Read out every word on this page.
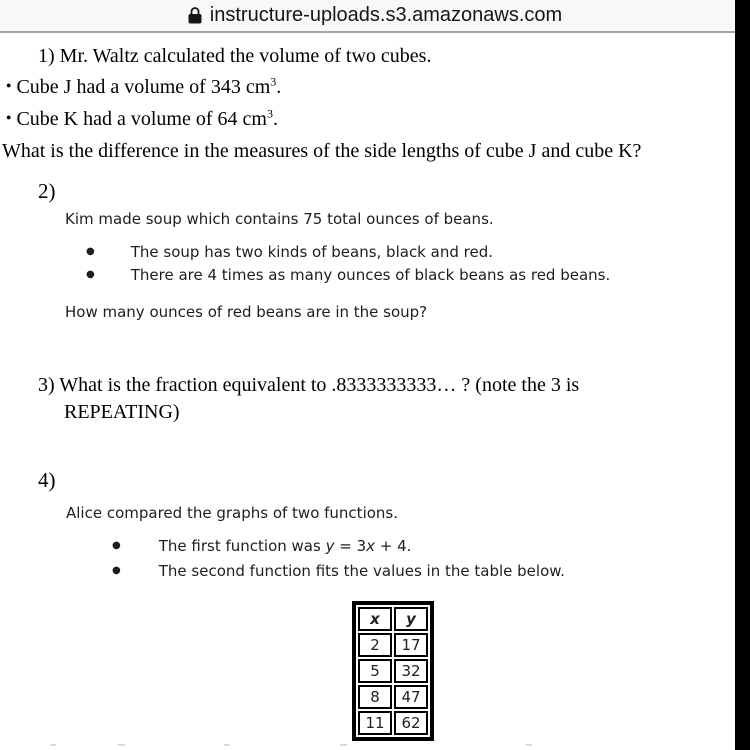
instructure-uploads.s3.amazonaws.com
1) Mr. Waltz calculated the volume of two cubes.
● Cube J had a volume of 343 $cm^3$.
● Cube K had a volume of 64 $cm^3$.
What is the difference in the measures of the side lengths of cube J and cube K?
2)
Kim made soup which contains 75 total ounces of beans.
● The soup has two kinds of beans, black and red.
● There are 4 times as many ounces of black beans as red beans.
How many ounces of red beans are in the soup?
3) What is the fraction equivalent to .8333333333… ? (note the 3 is
REPEATING)
4)
Alice compared the graphs of two functions.
●	The first function was y = 3x + 4.
●	The second function fits the values in the table below.
x	y
2	17
5	32
8	47
11	62
